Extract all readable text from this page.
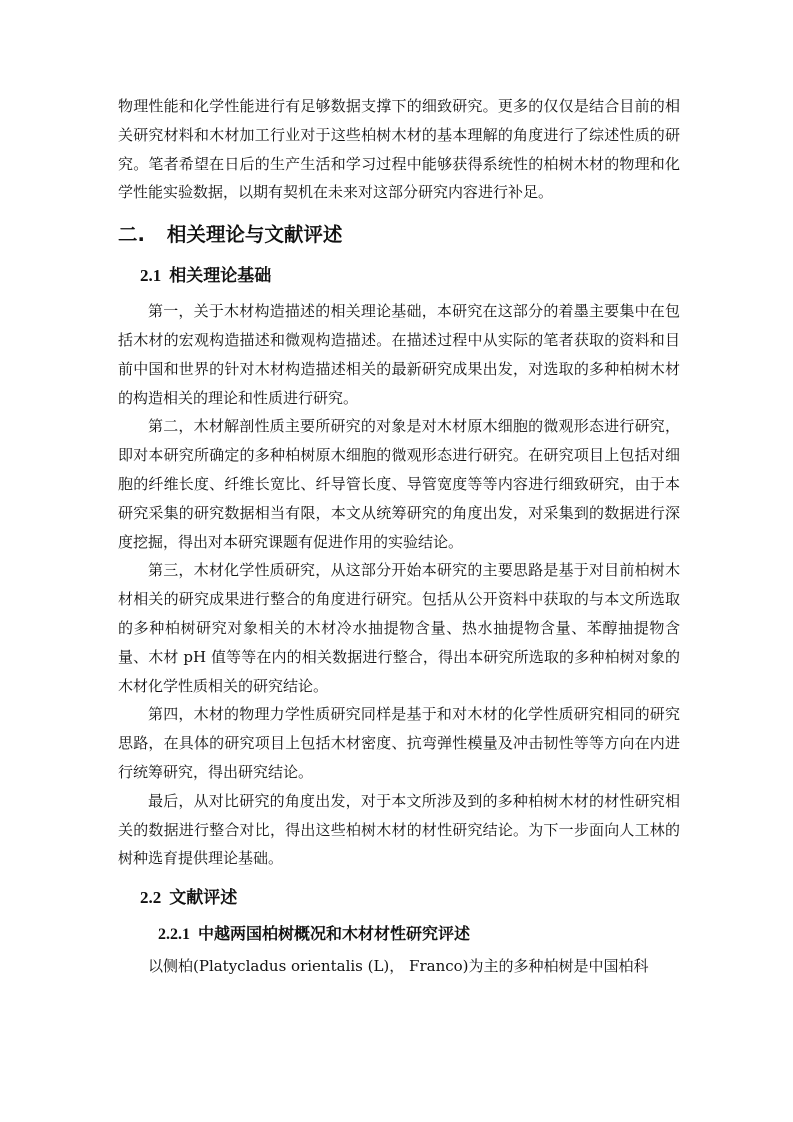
物理性能和化学性能进行有足够数据支撑下的细致研究。更多的仅仅是结合目前的相关研究材料和木材加工行业对于这些柏树木材的基本理解的角度进行了综述性质的研究。笔者希望在日后的生产生活和学习过程中能够获得系统性的柏树木材的物理和化学性能实验数据，以期有契机在未来对这部分研究内容进行补足。

二. 相关理论与文献评述
2.1 相关理论基础

第一，关于木材构造描述的相关理论基础，本研究在这部分的着墨主要集中在包括木材的宏观构造描述和微观构造描述。在描述过程中从实际的笔者获取的资料和目前中国和世界的针对木材构造描述相关的最新研究成果出发，对选取的多种柏树木材的构造相关的理论和性质进行研究。

第二，木材解剖性质主要所研究的对象是对木材原木细胞的微观形态进行研究，即对本研究所确定的多种柏树原木细胞的微观形态进行研究。在研究项目上包括对细胞的纤维长度、纤维长宽比、纤导管长度、导管宽度等等内容进行细致研究，由于本研究采集的研究数据相当有限，本文从统筹研究的角度出发，对采集到的数据进行深度挖掘，得出对本研究课题有促进作用的实验结论。

第三，木材化学性质研究，从这部分开始本研究的主要思路是基于对目前柏树木材相关的研究成果进行整合的角度进行研究。包括从公开资料中获取的与本文所选取的多种柏树研究对象相关的木材冷水抽提物含量、热水抽提物含量、苯醇抽提物含量、木材 pH 值等等在内的相关数据进行整合，得出本研究所选取的多种柏树对象的木材化学性质相关的研究结论。

第四，木材的物理力学性质研究同样是基于和对木材的化学性质研究相同的研究思路，在具体的研究项目上包括木材密度、抗弯弹性模量及冲击韧性等等方向在内进行统筹研究，得出研究结论。

最后，从对比研究的角度出发，对于本文所涉及到的多种柏树木材的材性研究相关的数据进行整合对比，得出这些柏树木材的材性研究结论。为下一步面向人工林的树种选育提供理论基础。

2.2 文献评述
2.2.1 中越两国柏树概况和木材材性研究评述

以侧柏(Platycladus orientalis (L)， Franco)为主的多种柏树是中国柏科
